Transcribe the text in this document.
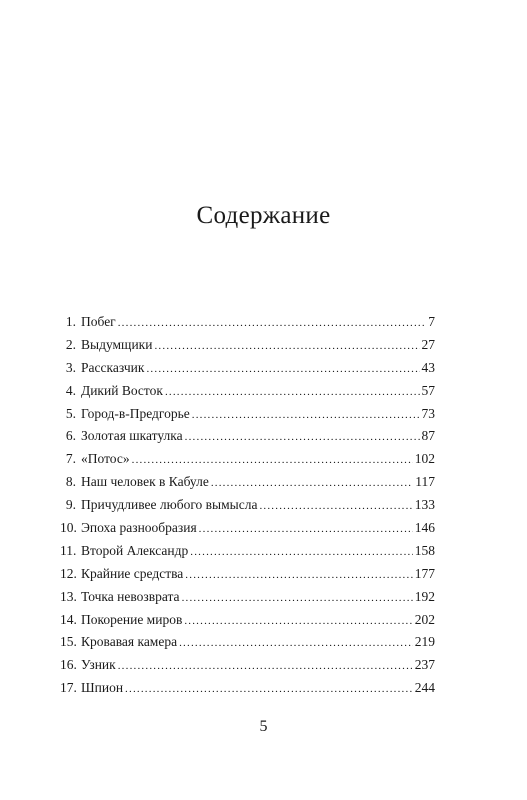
Содержание
1. Побег .....	7
2. Выдумщики .....	27
3. Рассказчик .....	43
4. Дикий Восток .....	57
5. Город-в-Предгорье .....	73
6. Золотая шкатулка .....	87
7. «Потос» .....	102
8. Наш человек в Кабуле .....	117
9. Причудливее любого вымысла .....	133
10. Эпоха разнообразия .....	146
11. Второй Александр .....	158
12. Крайние средства .....	177
13. Точка невозврата .....	192
14. Покорение миров .....	202
15. Кровавая камера .....	219
16. Узник .....	237
17. Шпион .....	244
5
